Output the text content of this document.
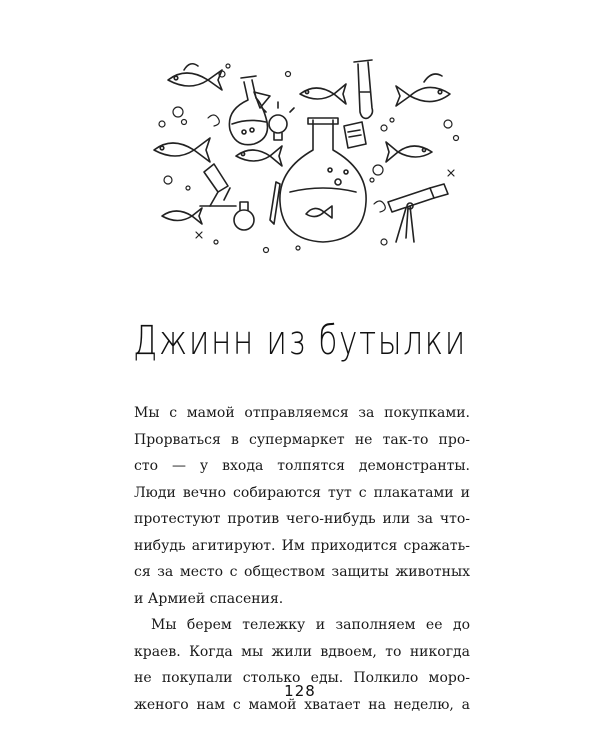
Джинн из бутылки
Мы с мамой отправляемся за покупками.
Прорваться в супермаркет не так-то про-
сто — у входа толпятся демонстранты.
Люди вечно собираются тут с плакатами и
протестуют против чего-нибудь или за что-
нибудь агитируют. Им приходится сражать-
ся за место с обществом защиты животных
и Армией спасения.
Мы берем тележку и заполняем ее до
краев. Когда мы жили вдвоем, то никогда
не покупали столько еды. Полкило моро-
женого нам с мамой хватает на неделю, а
128
